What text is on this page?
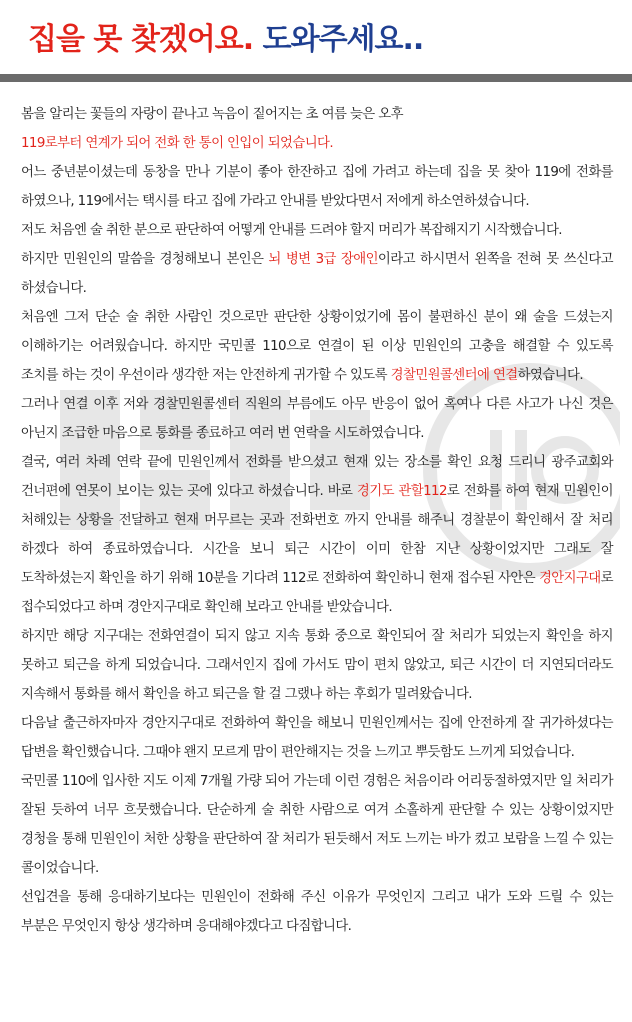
집을 못 찾겠어요. 도와주세요..

봄을 알리는 꽃들의 자랑이 끝나고 녹음이 짙어지는 초 여름 늦은 오후

119로부터 연계가 되어 전화 한 통이 인입이 되었습니다.

어느 중년분이셨는데 동창을 만나 기분이 좋아 한잔하고 집에 가려고 하는데 집을 못 찾아 119에 전화를 하였으나, 119에서는 택시를 타고 집에 가라고 안내를 받았다면서 저에게 하소연하셨습니다.

저도 처음엔 술 취한 분으로 판단하여 어떻게 안내를 드려야 할지 머리가 복잡해지기 시작했습니다.

하지만 민원인의 말씀을 경청해보니 본인은 뇌 병변 3급 장애인이라고 하시면서 왼쪽을 전혀 못 쓰신다고 하셨습니다.

처음엔 그저 단순 술 취한 사람인 것으로만 판단한 상황이었기에 몸이 불편하신 분이 왜 술을 드셨는지 이해하기는 어려웠습니다. 하지만 국민콜 110으로 연결이 된 이상 민원인의 고충을 해결할 수 있도록 조치를 하는 것이 우선이라 생각한 저는 안전하게 귀가할 수 있도록 경찰민원콜센터에 연결하였습니다.

그러나 연결 이후 저와 경찰민원콜센터 직원의 부름에도 아무 반응이 없어 혹여나 다른 사고가 나신 것은 아닌지 조급한 마음으로 통화를 종료하고 여러 번 연락을 시도하였습니다.

결국, 여러 차례 연락 끝에 민원인께서 전화를 받으셨고 현재 있는 장소를 확인 요청 드리니 광주교회와 건너편에 연못이 보이는 있는 곳에 있다고 하셨습니다. 바로 경기도 관할112로 전화를 하여 현재 민원인이 처해있는 상황을 전달하고 현재 머무르는 곳과 전화번호 까지 안내를 해주니 경찰분이 확인해서 잘 처리 하겠다 하여 종료하였습니다. 시간을 보니 퇴근 시간이 이미 한참 지난 상황이었지만 그래도 잘 도착하셨는지 확인을 하기 위해 10분을 기다려 112로 전화하여 확인하니 현재 접수된 사안은 경안지구대로 접수되었다고 하며 경안지구대로 확인해 보라고 안내를 받았습니다.

하지만 해당 지구대는 전화연결이 되지 않고 지속 통화 중으로 확인되어 잘 처리가 되었는지 확인을 하지 못하고 퇴근을 하게 되었습니다. 그래서인지 집에 가서도 맘이 편치 않았고, 퇴근 시간이 더 지연되더라도 지속해서 통화를 해서 확인을 하고 퇴근을 할 걸 그랬나 하는 후회가 밀려왔습니다.

다음날 출근하자마자 경안지구대로 전화하여 확인을 해보니 민원인께서는 집에 안전하게 잘 귀가하셨다는 답변을 확인했습니다. 그때야 왠지 모르게 맘이 편안해지는 것을 느끼고 뿌듯함도 느끼게 되었습니다.

국민콜 110에 입사한 지도 이제 7개월 가량 되어 가는데 이런 경험은 처음이라 어리둥절하였지만 일 처리가 잘된 듯하여 너무 흐뭇했습니다. 단순하게 술 취한 사람으로 여겨 소홀하게 판단할 수 있는 상황이었지만 경청을 통해 민원인이 처한 상황을 판단하여 잘 처리가 된듯해서 저도 느끼는 바가 컸고 보람을 느낄 수 있는 콜이었습니다.

선입견을 통해 응대하기보다는 민원인이 전화해 주신 이유가 무엇인지 그리고 내가 도와 드릴 수 있는 부분은 무엇인지 항상 생각하며 응대해야겠다고 다짐합니다.
